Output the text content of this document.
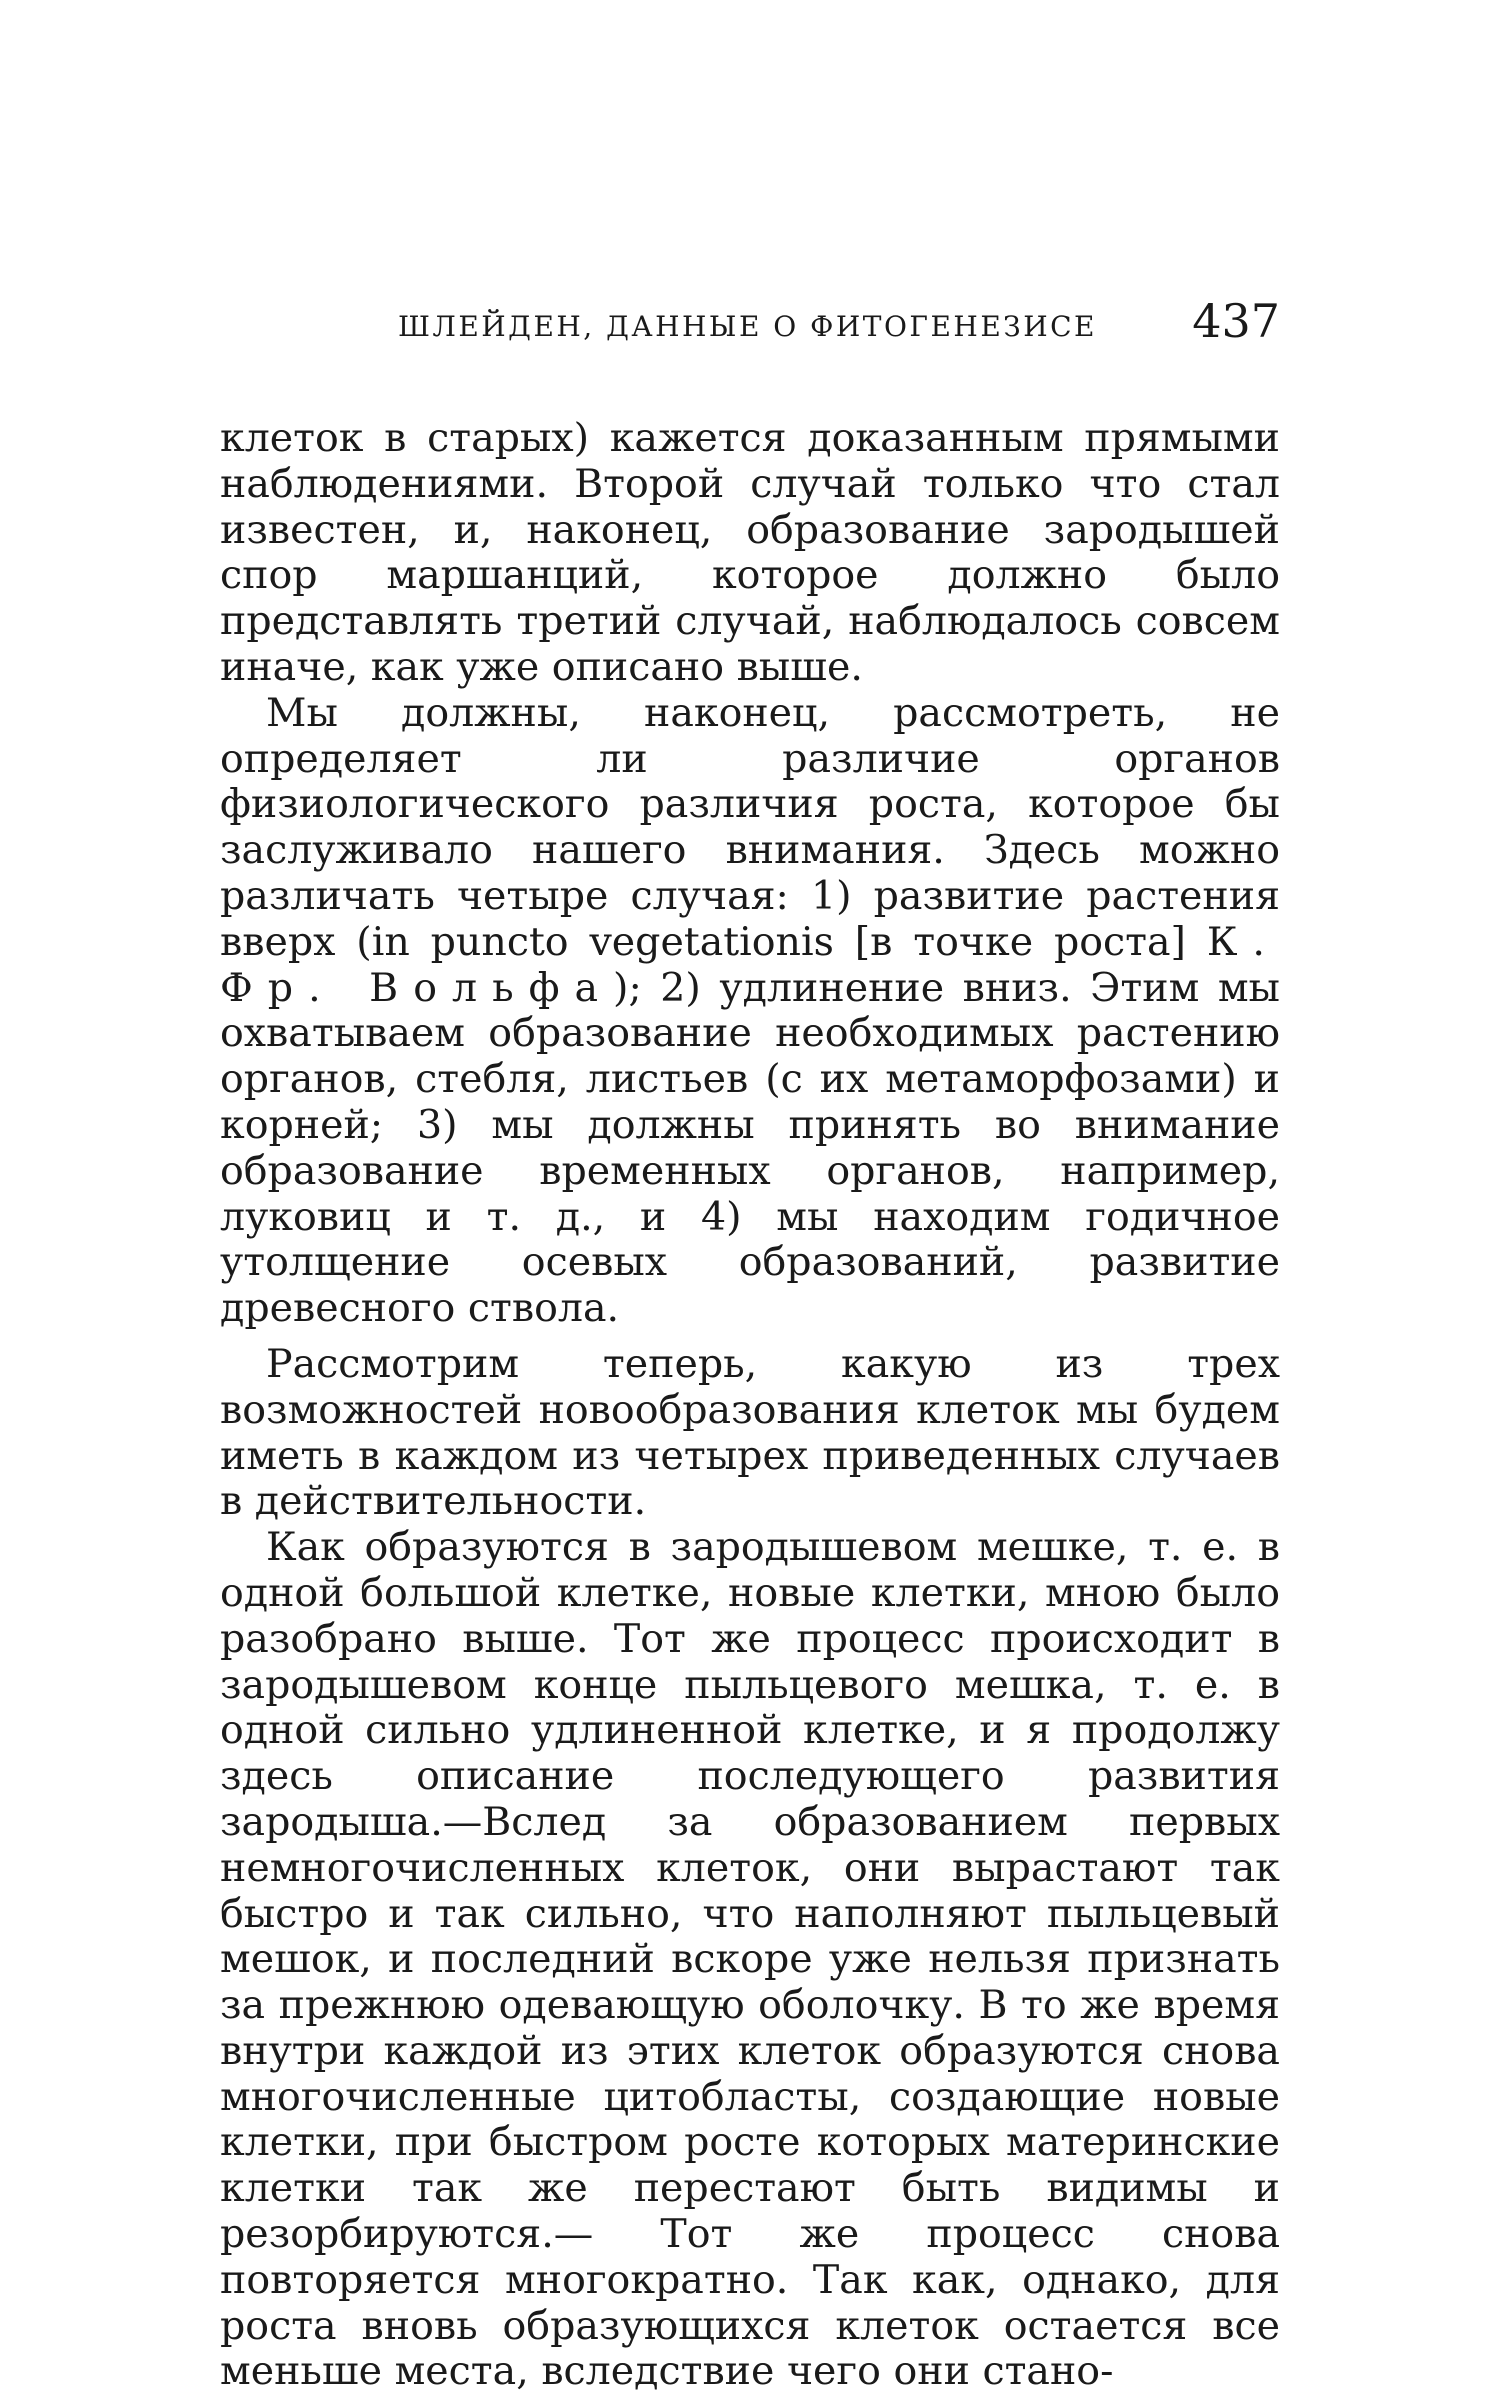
ШЛЕЙДЕН, ДАННЫЕ О ФИТОГЕНЕЗИСЕ 437

клеток в старых) кажется доказанным прямыми наблюдениями. Второй случай только что стал известен, и, наконец, образование зародышей спор маршанций, которое должно было представлять третий случай, наблюдалось совсем иначе, как уже описано выше.

Мы должны, наконец, рассмотреть, не определяет ли различие органов физиологического различия роста, которое бы заслуживало нашего внимания. Здесь можно различать четыре случая: 1) развитие растения вверх (in puncto vegetationis [в точке роста] К. Фр. Вольфа); 2) удлинение вниз. Этим мы охватываем образование необходимых растению органов, стебля, листьев (с их метаморфозами) и корней; 3) мы должны принять во внимание образование временных органов, например, луковиц и т. д., и 4) мы находим годичное утолщение осевых образований, развитие древесного ствола.

Рассмотрим теперь, какую из трех возможностей новообразования клеток мы будем иметь в каждом из четырех приведенных случаев в действительности.

Как образуются в зародышевом мешке, т. е. в одной большой клетке, новые клетки, мною было разобрано выше. Тот же процесс происходит в зародышевом конце пыльцевого мешка, т. е. в одной сильно удлиненной клетке, и я продолжу здесь описание последующего развития зародыша.—Вслед за образованием первых немногочисленных клеток, они вырастают так быстро и так сильно, что наполняют пыльцевый мешок, и последний вскоре уже нельзя признать за прежнюю одевающую оболочку. В то же время внутри каждой из этих клеток образуются снова многочисленные цитобласты, создающие новые клетки, при быстром росте которых материнские клетки так же перестают быть видимы и резорбируются.— Тот же процесс снова повторяется многократно. Так как, однако, для роста вновь образующихся клеток остается все меньше места, вследствие чего они стано-
